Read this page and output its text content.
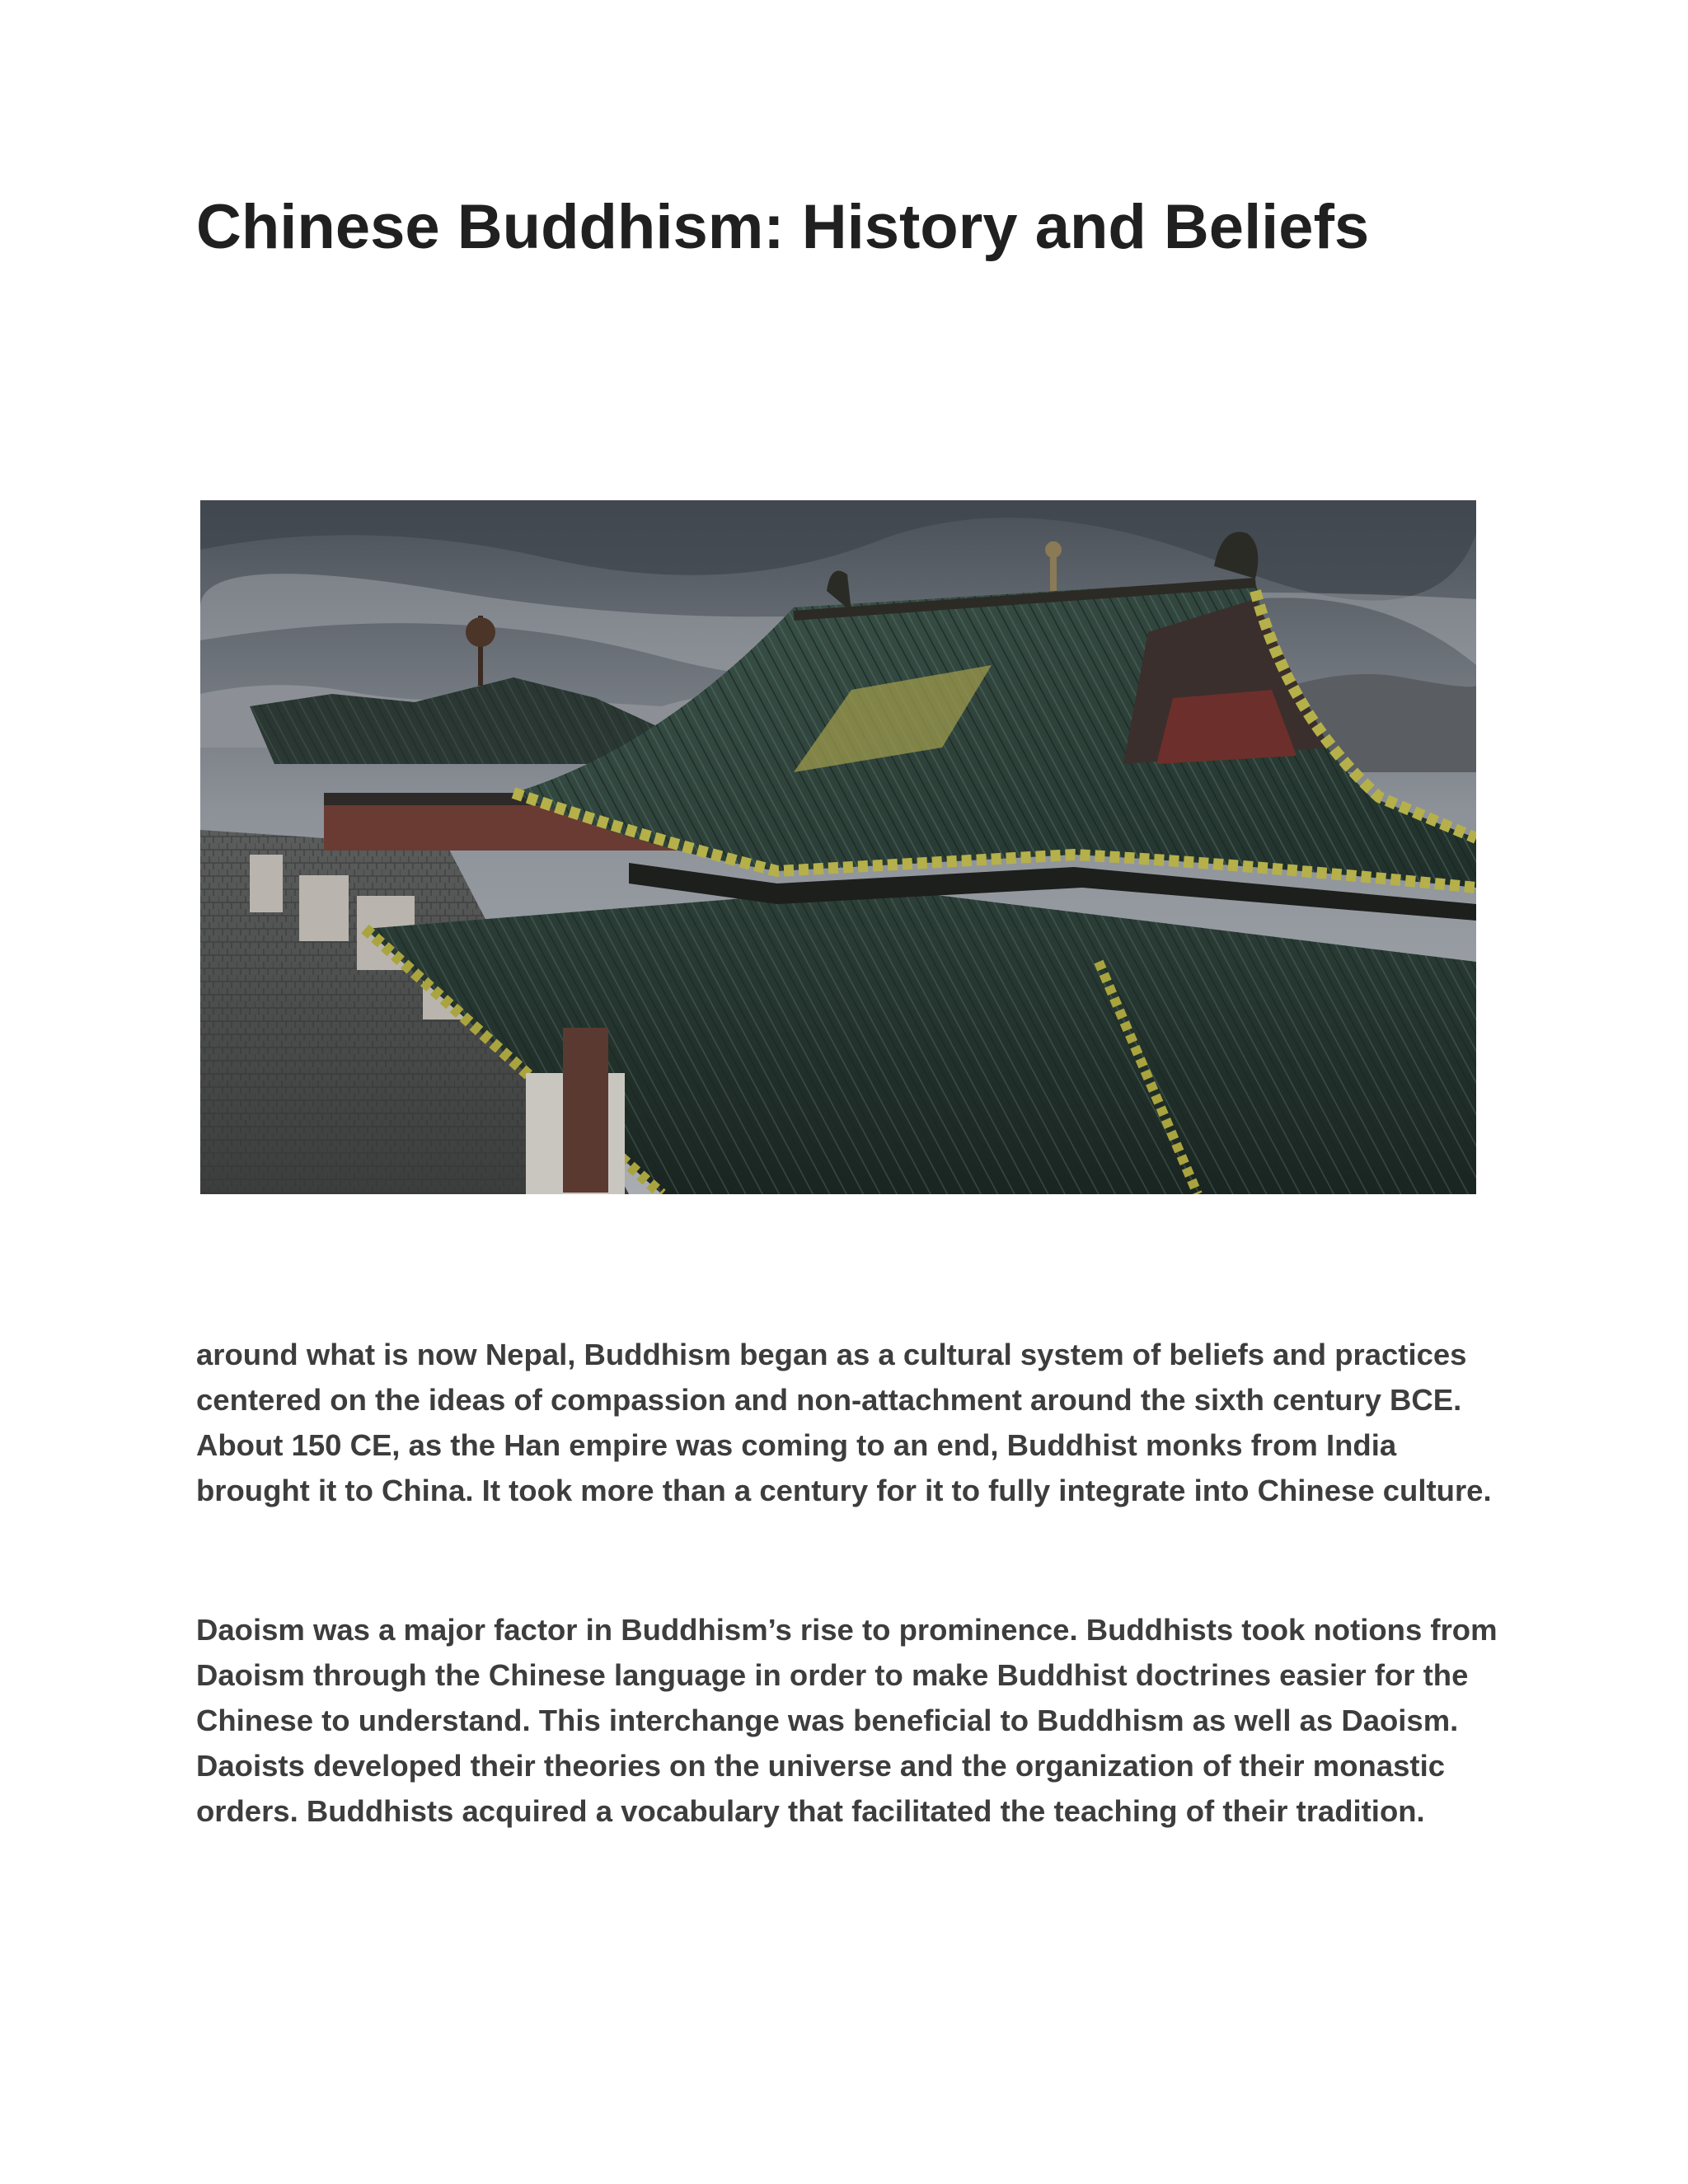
Chinese Buddhism: History and Beliefs

around what is now Nepal, Buddhism began as a cultural system of beliefs and practices centered on the ideas of compassion and non-attachment around the sixth century BCE. About 150 CE, as the Han empire was coming to an end, Buddhist monks from India brought it to China. It took more than a century for it to fully integrate into Chinese culture.

Daoism was a major factor in Buddhism’s rise to prominence. Buddhists took notions from Daoism through the Chinese language in order to make Buddhist doctrines easier for the Chinese to understand. This interchange was beneficial to Buddhism as well as Daoism. Daoists developed their theories on the universe and the organization of their monastic orders. Buddhists acquired a vocabulary that facilitated the teaching of their tradition.
